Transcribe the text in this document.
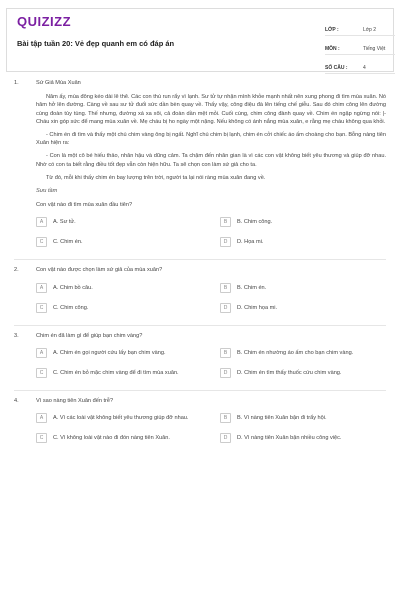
QUIZIZZ
Bài tập tuần 20: Vẻ đẹp quanh em có đáp án
LỚP :	Lớp 2
MÔN :	Tiếng Việt
SỐ CÂU :	4
1.	Sứ Giả Mùa Xuân
Năm ấy, mùa đông kéo dài lê thê. Các con thú run rẩy vì lạnh. Sư tử tự nhận mình khỏe mạnh nhất nên xung phong đi tìm mùa xuân. Nó hăm hở lên đường. Càng về sau sư tử đuối sức dần bèn quay về. Thấy vậy, công điệu đà lên tiếng chế giễu. Sau đó chim công lên đường cùng đoàn tùy tùng. Thế nhưng, đường xá xa xôi, cả đoàn dần mệt mỏi. Cuối cùng, chim công đành quay về. Chim én ngập ngừng nói: |-Cháu xin góp sức để mang mùa xuân về. Mẹ cháu bị ho ngày một nặng. Nếu không có ánh nắng mùa xuân, e rằng mẹ cháu không qua khỏi.
- Chim én đi tìm và thấy một chú chim vàng ông bị ngất. Nghĩ chú chim bị lạnh, chim én cởi chiếc áo ấm choàng cho bạn. Bỗng nàng tiên Xuân hiện ra:
- Con là một cô bé hiếu thảo, nhân hậu và dũng cảm. Ta chậm đến nhân gian là vì các con vật không biết yêu thương và giúp đỡ nhau. Nhờ có con ta biết rằng điều tốt đẹp vẫn còn hiện hữu. Ta sẽ chọn con làm sứ giả cho ta.
Từ đó, mỗi khi thấy chim én bay lượng trên trời, người ta lại nói ràng mùa xuân đang về.
Sưu tầm
Con vật nào đi tìm mùa xuân đầu tiên?
A	A. Sư tử.	B	B. Chim công.
C	C. Chim én.	D	D. Họa mi.
2.	Con vật nào được chọn làm sứ giả của mùa xuân?
A	A. Chim bồ câu.	B	B. Chim én.
C	C. Chim công.	D	D. Chim họa mi.
3.	Chim én đã làm gì để giúp bạn chim vàng?
A	A. Chim én gọi người cứu lấy bạn chim vàng.	B	B. Chim én nhường áo ấm cho bạn chim vàng.
C	C. Chim én bỏ mặc chim vàng để đi tìm mùa xuân.	D	D. Chim én tìm thấy thuốc cứu chim vàng.
4.	Vì sao nàng tiên Xuân đến trễ?
A	A. Vì các loài vật không biết yêu thương giúp đỡ nhau.	B	B. Vì nàng tiên Xuân bận đi trẩy hội.
C	C. Vì không loài vật nào đi đón nàng tiên Xuân.	D	D. Vì nàng tiên Xuân bận nhiều công việc.
